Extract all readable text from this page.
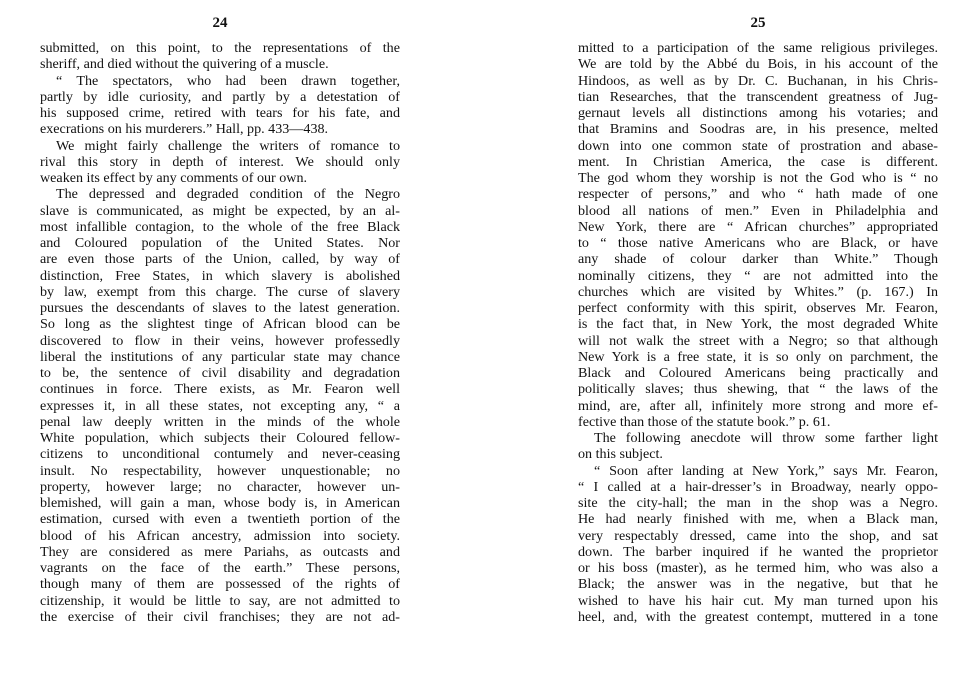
24
submitted, on this point, to the representations of the
sheriff, and died without the quivering of a muscle.
“ The spectators, who had been drawn together,
partly by idle curiosity, and partly by a detestation of
his supposed crime, retired with tears for his fate, and
execrations on his murderers.” Hall, pp. 433—438.
We might fairly challenge the writers of romance to
rival this story in depth of interest. We should only
weaken its effect by any comments of our own.
The depressed and degraded condition of the Negro
slave is communicated, as might be expected, by an al-
most infallible contagion, to the whole of the free Black
and Coloured population of the United States. Nor
are even those parts of the Union, called, by way of
distinction, Free States, in which slavery is abolished
by law, exempt from this charge. The curse of slavery
pursues the descendants of slaves to the latest generation.
So long as the slightest tinge of African blood can be
discovered to flow in their veins, however professedly
liberal the institutions of any particular state may chance
to be, the sentence of civil disability and degradation
continues in force. There exists, as Mr. Fearon well
expresses it, in all these states, not excepting any, “ a
penal law deeply written in the minds of the whole
White population, which subjects their Coloured fellow-
citizens to unconditional contumely and never-ceasing
insult. No respectability, however unquestionable; no
property, however large; no character, however un-
blemished, will gain a man, whose body is, in American
estimation, cursed with even a twentieth portion of the
blood of his African ancestry, admission into society.
They are considered as mere Pariahs, as outcasts and
vagrants on the face of the earth.” These persons,
though many of them are possessed of the rights of
citizenship, it would be little to say, are not admitted to
the exercise of their civil franchises; they are not ad-
25
mitted to a participation of the same religious privileges.
We are told by the Abbé du Bois, in his account of the
Hindoos, as well as by Dr. C. Buchanan, in his Chris-
tian Researches, that the transcendent greatness of Jug-
gernaut levels all distinctions among his votaries; and
that Bramins and Soodras are, in his presence, melted
down into one common state of prostration and abase-
ment. In Christian America, the case is different.
The god whom they worship is not the God who is “ no
respecter of persons,” and who “ hath made of one
blood all nations of men.” Even in Philadelphia and
New York, there are “ African churches” appropriated
to “ those native Americans who are Black, or have
any shade of colour darker than White.” Though
nominally citizens, they “ are not admitted into the
churches which are visited by Whites.” (p. 167.) In
perfect conformity with this spirit, observes Mr. Fearon,
is the fact that, in New York, the most degraded White
will not walk the street with a Negro; so that although
New York is a free state, it is so only on parchment, the
Black and Coloured Americans being practically and
politically slaves; thus shewing, that “ the laws of the
mind, are, after all, infinitely more strong and more ef-
fective than those of the statute book.” p. 61.
The following anecdote will throw some farther light
on this subject.
“ Soon after landing at New York,” says Mr. Fearon,
“ I called at a hair-dresser’s in Broadway, nearly oppo-
site the city-hall; the man in the shop was a Negro.
He had nearly finished with me, when a Black man,
very respectably dressed, came into the shop, and sat
down. The barber inquired if he wanted the proprietor
or his boss (master), as he termed him, who was also a
Black; the answer was in the negative, but that he
wished to have his hair cut. My man turned upon his
heel, and, with the greatest contempt, muttered in a tone
